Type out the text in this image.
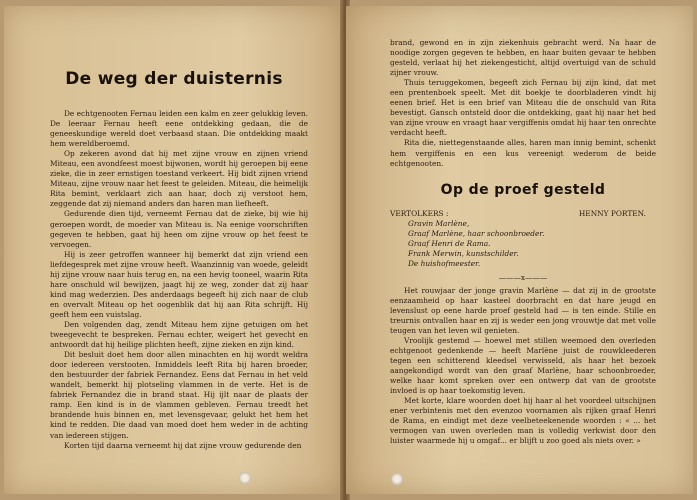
De weg der duisternis

De echtgenooten Fernau leiden een kalm en zeer gelukkig leven. De leeraar Fernau heeft eene ontdekking gedaan, die de geneeskundige wereld doet verbaasd staan. Die ontdekking maakt hem wereldberoemd.

Op zekeren avond dat hij met zijne vrouw en zijnen vriend Miteau, een avondfeest moest bijwonen, wordt hij geroepen bij eene zieke, die in zeer ernstigen toestand verkeert. Hij bidt zijnen vriend Miteau, zijne vrouw naar het feest te geleiden. Miteau, die heimelijk Rita bemint, verklaart zich aan haar, doch zij verstoot hem, zeggende dat zij niemand anders dan haren man liefheeft.

Gedurende dien tijd, verneemt Fernau dat de zieke, bij wie hij geroepen wordt, de moeder van Miteau is. Na eenige voorschriften gegeven te hebben, gaat hij heen om zijne vrouw op het feest te vervoegen.

Hij is zeer getroffen wanneer hij bemerkt dat zijn vriend een liefdegesprek met zijne vrouw heeft. Waanzinnig van woede, geleidt hij zijne vrouw naar huis terug en, na een hevig tooneel, waarin Rita hare onschuld wil bewijzen, jaagt hij ze weg, zonder dat zij haar kind mag wederzien. Des anderdaags begeeft hij zich naar de club en overvalt Miteau op het oogenblik dat hij aan Rita schrijft. Hij geeft hem een vuistslag.

Den volgenden dag, zendt Miteau hem zijne getuigen om het tweegevecht te bespreken. Fernau echter, weigert het gevecht en antwoordt dat hij heilige plichten heeft, zijne zieken en zijn kind.

Dit besluit doet hem door allen minachten en hij wordt weldra door iedereen verstooten. Inmiddels leeft Rita bij haren broeder, den bestuurder der fabriek Fernandez. Eens dat Fernau in het veld wandelt, bemerkt hij plotseling vlammen in de verte. Het is de fabriek Fernandez die in brand staat. Hij ijlt naar de plaats der ramp. Een kind is in de vlammen gebleven. Fernau treedt het brandende huis binnen en, met levensgevaar, gelukt het hem het kind te redden. Die daad van moed doet hem weder in de achting van iedereen stijgen.

Korten tijd daarna verneemt hij dat zijne vrouw gedurende den

brand, gewond en in zijn ziekenhuis gebracht werd. Na haar de noodige zorgen gegeven te hebben, en haar buiten gevaar te hebben gesteld, verlaat hij het ziekengesticht, altijd overtuigd van de schuld zijner vrouw.

Thuis teruggekomen, begeeft zich Fernau bij zijn kind, dat met een prentenboek speelt. Met dit boekje te doorbladeren vindt hij eenen brief. Het is een brief van Miteau die de onschuld van Rita bevestigt. Gansch ontsteld door die ontdekking, gaat hij naar het bed van zijne vrouw en vraagt haar vergiffenis omdat hij haar ten onrechte verdacht heeft.

Rita die, niettegenstaande alles, haren man innig bemint, schenkt hem vergiffenis en een kus vereenigt wederom de beide echtgenooten.

Op de proef gesteld
VERTOLKERS :	HENNY PORTEN.
Gravin Marlène,
Graaf Marlène, haar schoonbroeder.
Graaf Henri de Rama.
Frank Merwin, kunstschilder.
De huishofmeester.
———x———

Het rouwjaar der jonge gravin Marlène — dat zij in de grootste eenzaamheid op haar kasteel doorbracht en dat hare jeugd en levenslust op eene harde proef gesteld had — is ten einde. Stille en treurnis ontvallen haar en zij is weder een jong vrouwtje dat met volle teugen van het leven wil genieten.

Vroolijk gestemd — hoewel met stillen weemoed den overleden echtgenoot gedenkende — heeft Marlène juist de rouwkleederen tegen een schitterend kleedsel verwisseld, als haar het bezoek aangekondigd wordt van den graaf Marlène, haar schoonbroeder, welke haar komt spreken over een ontwerp dat van de grootste invloed is op haar toekomstig leven.

Met korte, klare woorden doet hij haar al het voordeel uitschijnen ener verbintenis met den evenzoo voornamen als rijken graaf Henri de Rama, en eindigt met deze veelbeteekenende woorden : « ... het vermogen van uwen overleden man is volledig verkwist door den luister waarmede hij u omgaf... er blijft u zoo goed als niets over. »
